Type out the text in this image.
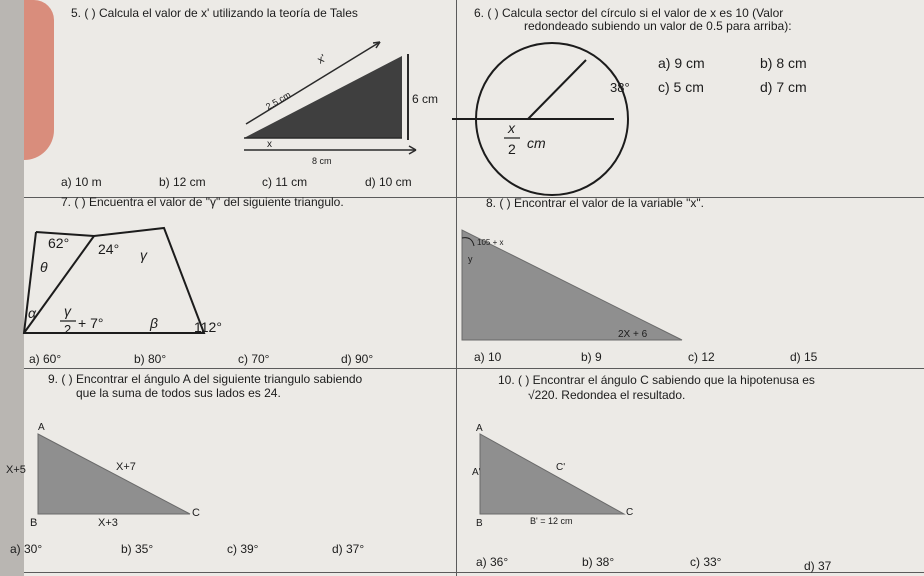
5. ( ) Calcula el valor de x' utilizando la teoría de Tales
x'
2.5 cm	6 cm
x
8 cm
a) 10 m	b) 12 cm	c) 11 cm	d) 10 cm
6. ( ) Calcula sector del círculo si el valor de x es 10 (Valor
redondeado subiendo un valor de 0.5 para arriba):
38°
x
2 cm
a) 9 cm	b) 8 cm
c) 5 cm	d) 7 cm
7. ( ) Encuentra el valor de "γ" del siguiente triangulo.
62°
θ
24° γ
α γ
2 + 7°	β	112°
a) 60°	b) 80°	c) 70°	d) 90°
8. ( ) Encontrar el valor de la variable "x".
105 + x
y
2X + 6
a) 10	b) 9	c) 12	d) 15
9. ( ) Encontrar el ángulo A del siguiente triangulo sabiendo
que la suma de todos sus lados es 24.
A
X+5	X+7
B	X+3
C
a) 30°	b) 35°	c) 39°	d) 37°
10. ( ) Encontrar el ángulo C sabiendo que la hipotenusa es
√220. Redondea el resultado.
A
A'	C'
B	B' = 12 cm
C
a) 36°	b) 38°	c) 33°	d) 37
